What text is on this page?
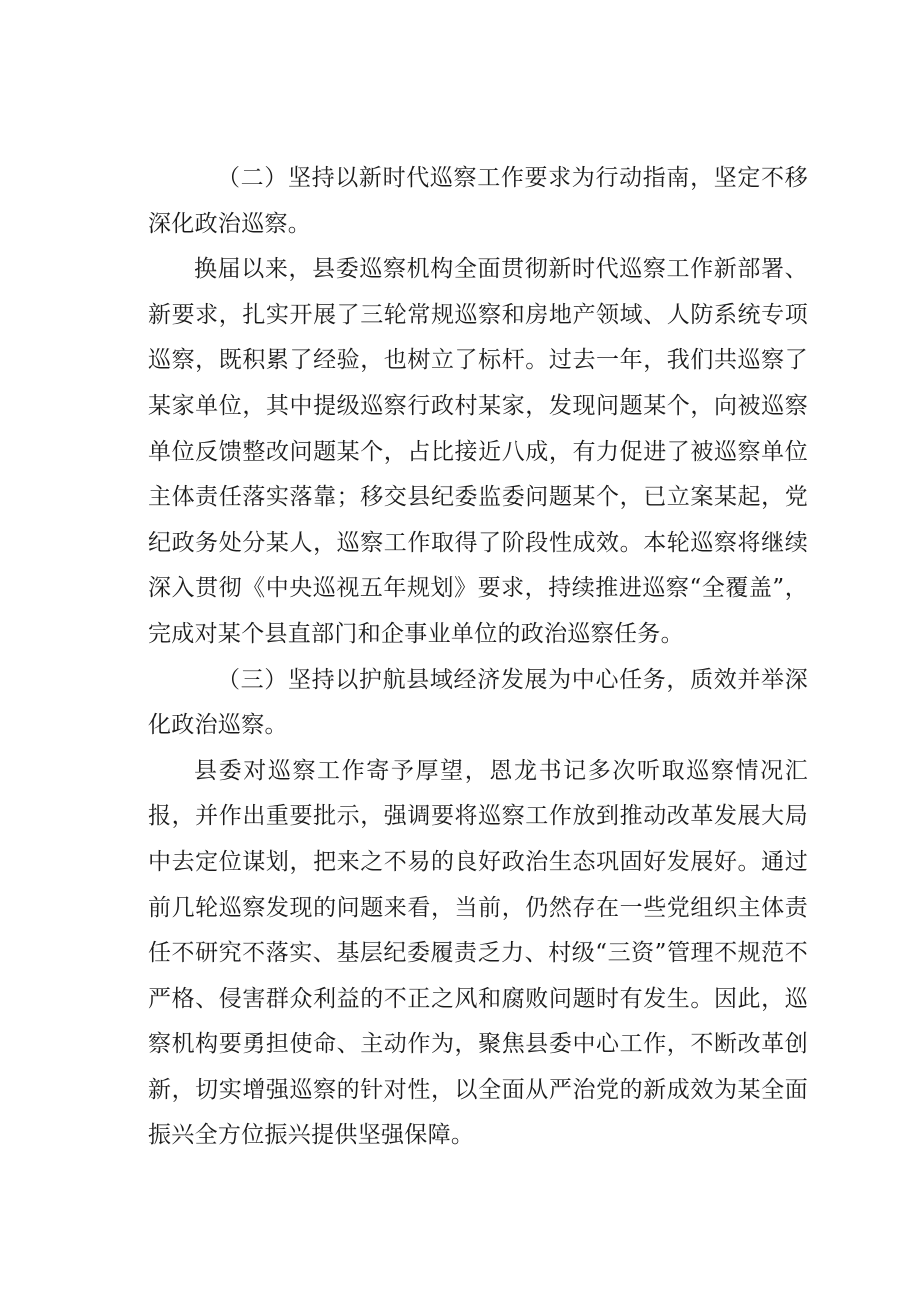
（二）坚持以新时代巡察工作要求为行动指南，坚定不移深化政治巡察。

换届以来，县委巡察机构全面贯彻新时代巡察工作新部署、新要求，扎实开展了三轮常规巡察和房地产领域、人防系统专项巡察，既积累了经验，也树立了标杆。过去一年，我们共巡察了某家单位，其中提级巡察行政村某家，发现问题某个，向被巡察单位反馈整改问题某个，占比接近八成，有力促进了被巡察单位主体责任落实落靠；移交县纪委监委问题某个，已立案某起，党纪政务处分某人，巡察工作取得了阶段性成效。本轮巡察将继续深入贯彻《中央巡视五年规划》要求，持续推进巡察“全覆盖”，完成对某个县直部门和企事业单位的政治巡察任务。

（三）坚持以护航县域经济发展为中心任务，质效并举深化政治巡察。

县委对巡察工作寄予厚望，恩龙书记多次听取巡察情况汇报，并作出重要批示，强调要将巡察工作放到推动改革发展大局中去定位谋划，把来之不易的良好政治生态巩固好发展好。通过前几轮巡察发现的问题来看，当前，仍然存在一些党组织主体责任不研究不落实、基层纪委履责乏力、村级“三资”管理不规范不严格、侵害群众利益的不正之风和腐败问题时有发生。因此，巡察机构要勇担使命、主动作为，聚焦县委中心工作，不断改革创新，切实增强巡察的针对性，以全面从严治党的新成效为某全面振兴全方位振兴提供坚强保障。
